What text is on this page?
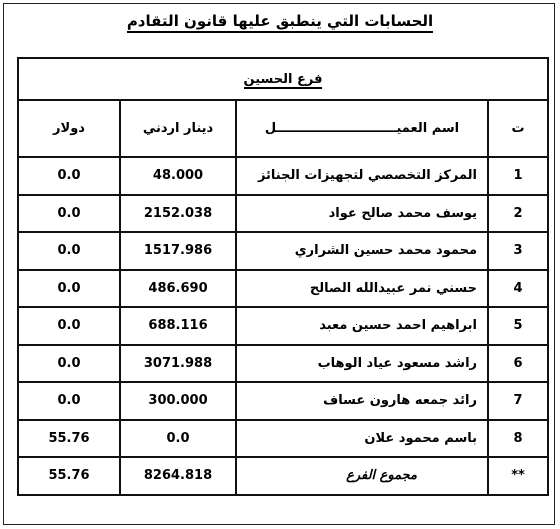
الحسابات التي ينطبق عليها قانون التقادم
فرع الحسين			
ت	اسم العميـــــــــــــــــــــــــــل	دينار اردني	دولار
1	المركز التخصصي لتجهيزات الجنائز	48.000	0.0
2	يوسف محمد صالح عواد	2152.038	0.0
3	محمود محمد حسين الشراري	1517.986	0.0
4	حسني نمر عبيدالله الصالح	486.690	0.0
5	ابراهيم احمد حسين معبد	688.116	0.0
6	راشد مسعود عياد الوهاب	3071.988	0.0
7	رائد جمعه هارون عساف	300.000	0.0
8	باسم محمود علان	0.0	55.76
**	مجموع الفرع	8264.818	55.76
